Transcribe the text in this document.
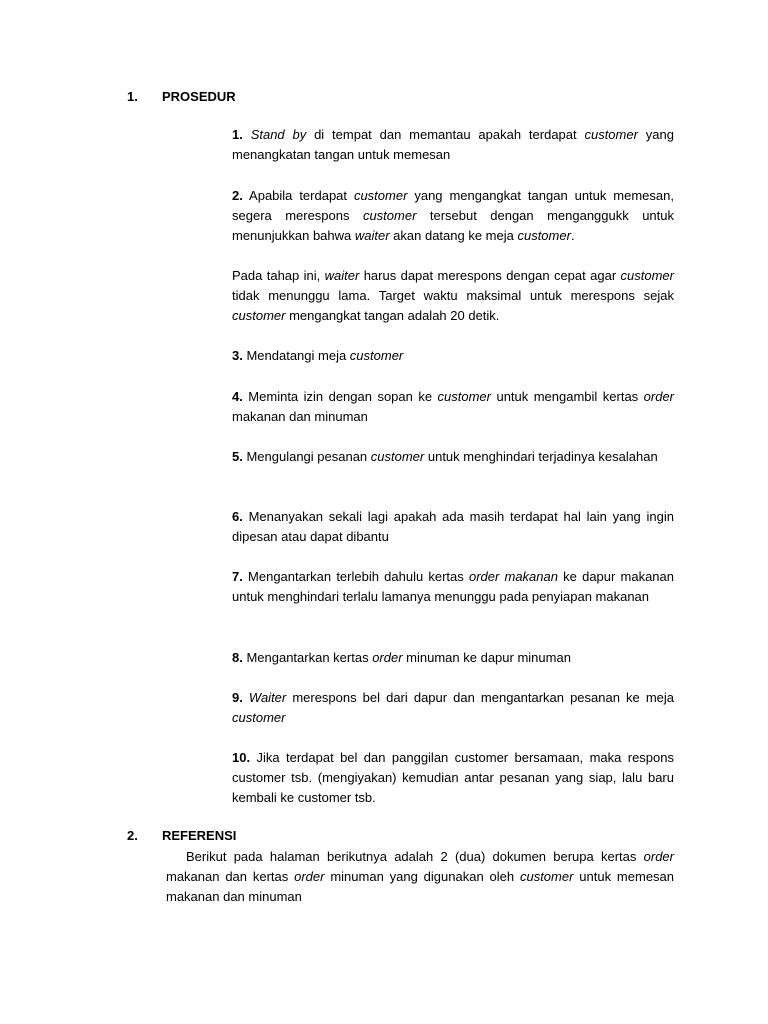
1. PROSEDUR

1. Stand by di tempat dan memantau apakah terdapat customer yang menangkatan tangan untuk memesan

2. Apabila terdapat customer yang mengangkat tangan untuk memesan, segera merespons customer tersebut dengan menganggukk untuk menunjukkan bahwa waiter akan datang ke meja customer.

Pada tahap ini, waiter harus dapat merespons dengan cepat agar customer tidak menunggu lama. Target waktu maksimal untuk merespons sejak customer mengangkat tangan adalah 20 detik.

3. Mendatangi meja customer

4. Meminta izin dengan sopan ke customer untuk mengambil kertas order makanan dan minuman

5. Mengulangi pesanan customer untuk menghindari terjadinya kesalahan

6. Menanyakan sekali lagi apakah ada masih terdapat hal lain yang ingin dipesan atau dapat dibantu

7. Mengantarkan terlebih dahulu kertas order makanan ke dapur makanan untuk menghindari terlalu lamanya menunggu pada penyiapan makanan

8. Mengantarkan kertas order minuman ke dapur minuman

9. Waiter merespons bel dari dapur dan mengantarkan pesanan ke meja customer

10. Jika terdapat bel dan panggilan customer bersamaan, maka respons customer tsb. (mengiyakan) kemudian antar pesanan yang siap, lalu baru kembali ke customer tsb.

2. REFERENSI

Berikut pada halaman berikutnya adalah 2 (dua) dokumen berupa kertas order makanan dan kertas order minuman yang digunakan oleh customer untuk memesan makanan dan minuman
